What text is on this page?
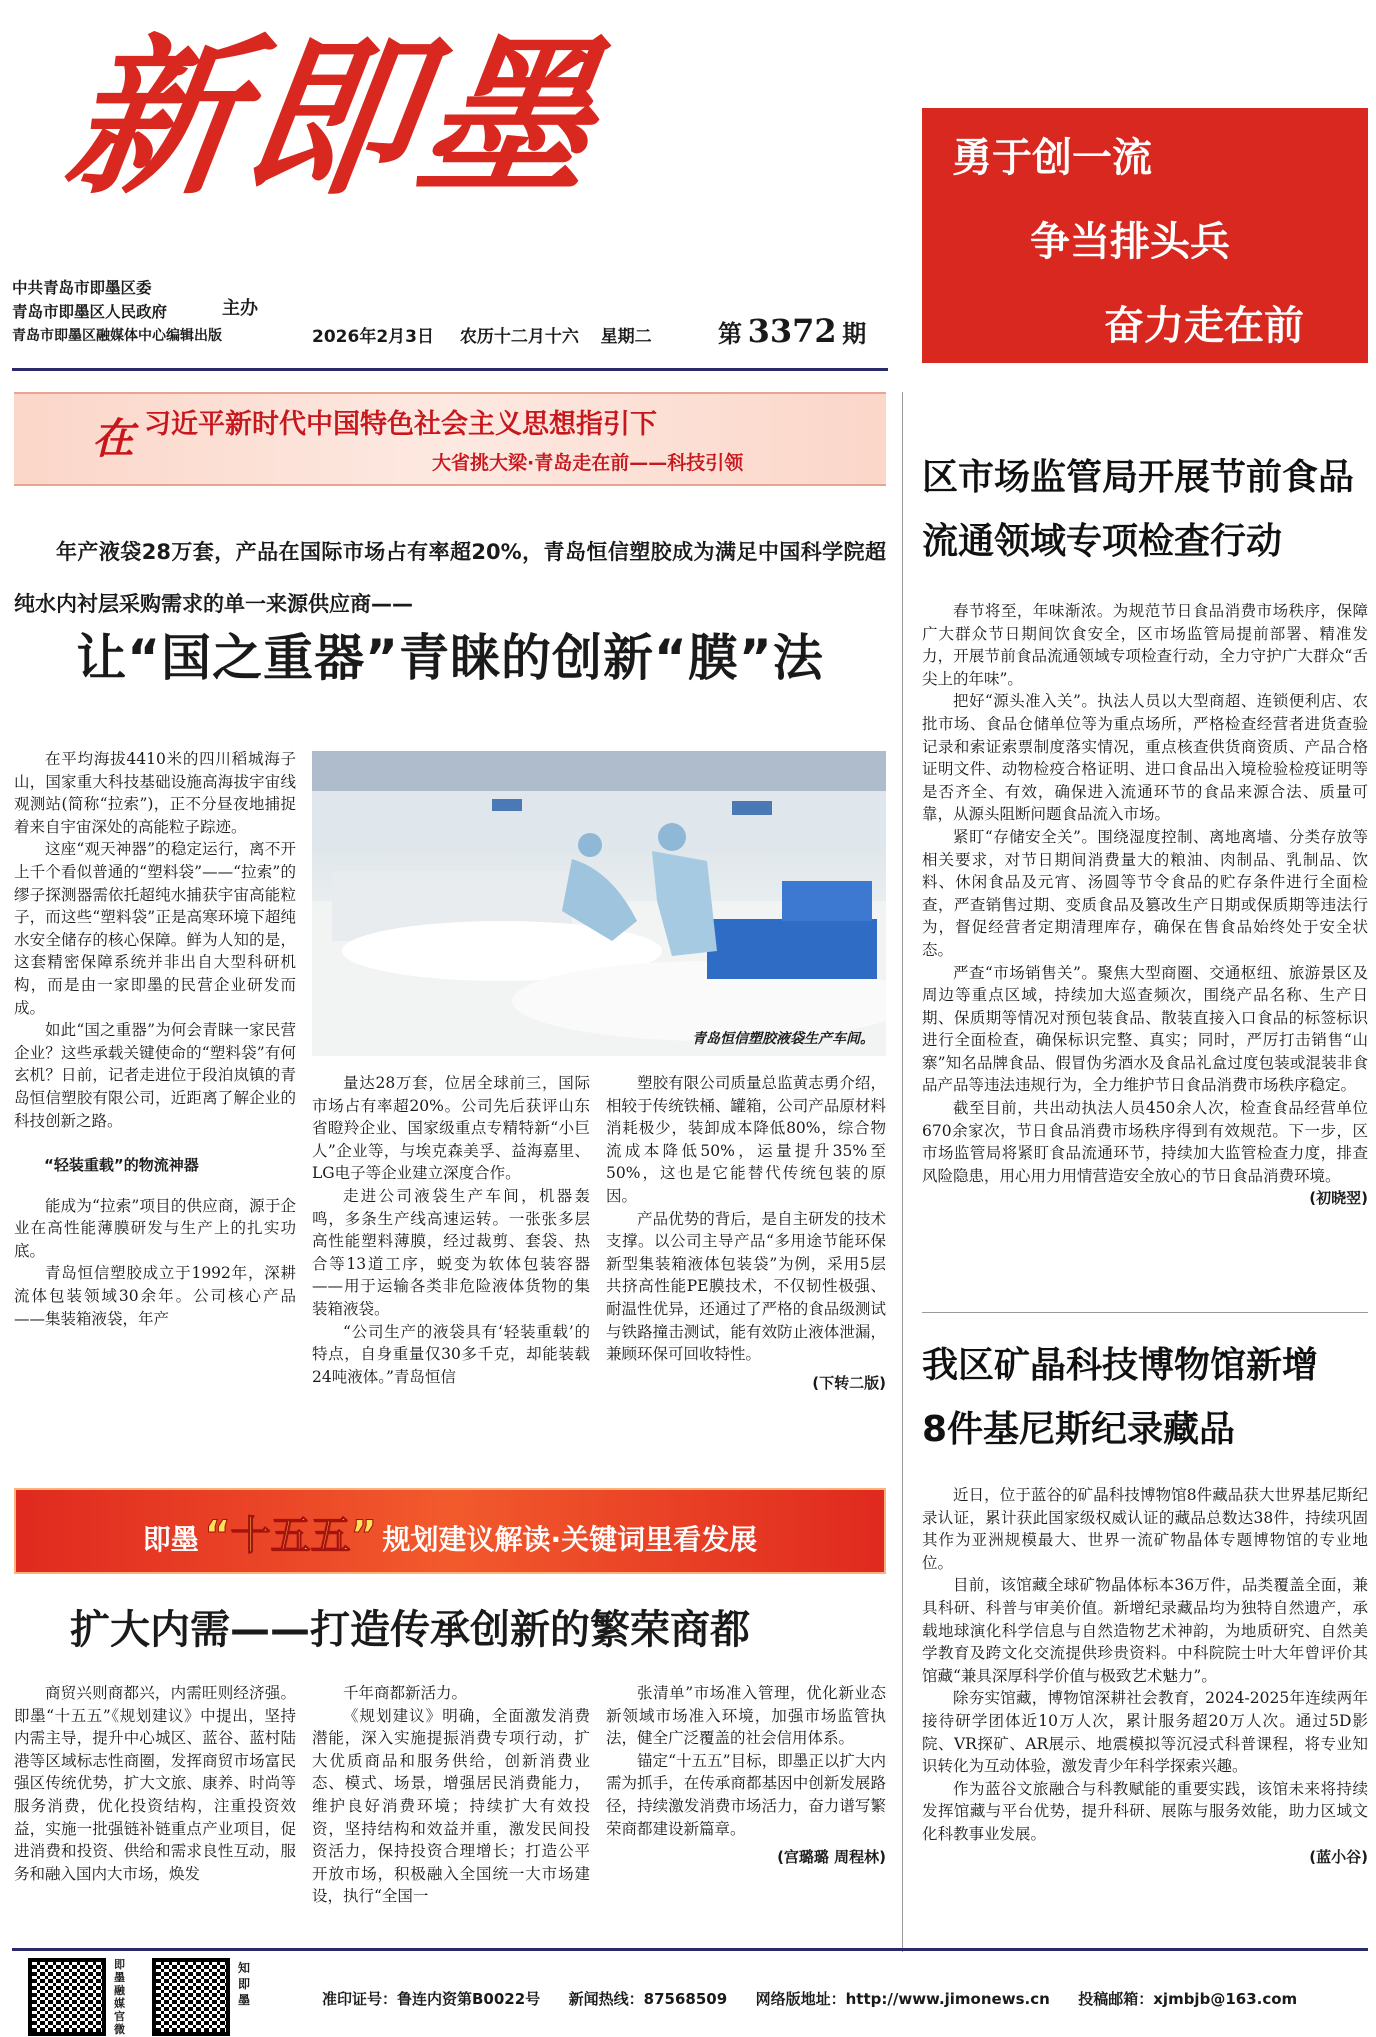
新即墨
中共青岛市即墨区委
青岛市即墨区人民政府
青岛市即墨区融媒体中心编辑出版
主办
2026年2月3日 农历十二月十六 星期二	第 3372 期
勇于创一流
争当排头兵
奋力走在前
在 习近平新时代中国特色社会主义思想指引下
大省挑大梁·青岛走在前——科技引领
年产液袋28万套，产品在国际市场占有率超20%，青岛恒信塑胶成为满足中国科学院超纯水内衬层采购需求的单一来源供应商——
让“国之重器”青睐的创新“膜”法
青岛恒信塑胶液袋生产车间。

在平均海拔4410米的四川稻城海子山，国家重大科技基础设施高海拔宇宙线观测站(简称“拉索”)，正不分昼夜地捕捉着来自宇宙深处的高能粒子踪迹。

这座“观天神器”的稳定运行，离不开上千个看似普通的“塑料袋”——“拉索”的缪子探测器需依托超纯水捕获宇宙高能粒子，而这些“塑料袋”正是高寒环境下超纯水安全储存的核心保障。鲜为人知的是，这套精密保障系统并非出自大型科研机构，而是由一家即墨的民营企业研发而成。

如此“国之重器”为何会青睐一家民营企业？这些承载关键使命的“塑料袋”有何玄机？日前，记者走进位于段泊岚镇的青岛恒信塑胶有限公司，近距离了解企业的科技创新之路。

“轻装重载”的物流神器

能成为“拉索”项目的供应商，源于企业在高性能薄膜研发与生产上的扎实功底。

青岛恒信塑胶成立于1992年，深耕流体包装领域30余年。公司核心产品——集装箱液袋，年产

量达28万套，位居全球前三，国际市场占有率超20%。公司先后获评山东省瞪羚企业、国家级重点专精特新“小巨人”企业等，与埃克森美孚、益海嘉里、LG电子等企业建立深度合作。

走进公司液袋生产车间，机器轰鸣，多条生产线高速运转。一张张多层高性能塑料薄膜，经过裁剪、套袋、热合等13道工序，蜕变为软体包装容器——用于运输各类非危险液体货物的集装箱液袋。

“公司生产的液袋具有‘轻装重载’的特点，自身重量仅30多千克，却能装载24吨液体。”青岛恒信

塑胶有限公司质量总监黄志勇介绍，相较于传统铁桶、罐箱，公司产品原材料消耗极少，装卸成本降低80%，综合物流成本降低50%，运量提升35%至50%，这也是它能替代传统包装的原因。

产品优势的背后，是自主研发的技术支撑。以公司主导产品“多用途节能环保新型集装箱液体包装袋”为例，采用5层共挤高性能PE膜技术，不仅韧性极强、耐温性优异，还通过了严格的食品级测试与铁路撞击测试，能有效防止液体泄漏，兼顾环保可回收特性。

(下转二版)
即墨 “十五五” 规划建议解读·关键词里看发展
扩大内需——打造传承创新的繁荣商都

商贸兴则商都兴，内需旺则经济强。即墨“十五五”《规划建议》中提出，坚持内需主导，提升中心城区、蓝谷、蓝村陆港等区域标志性商圈，发挥商贸市场富民强区传统优势，扩大文旅、康养、时尚等服务消费，优化投资结构，注重投资效益，实施一批强链补链重点产业项目，促进消费和投资、供给和需求良性互动，服务和融入国内大市场，焕发

千年商都新活力。

《规划建议》明确，全面激发消费潜能，深入实施提振消费专项行动，扩大优质商品和服务供给，创新消费业态、模式、场景，增强居民消费能力，维护良好消费环境；持续扩大有效投资，坚持结构和效益并重，激发民间投资活力，保持投资合理增长；打造公平开放市场，积极融入全国统一大市场建设，执行“全国一

张清单”市场准入管理，优化新业态新领域市场准入环境，加强市场监管执法，健全广泛覆盖的社会信用体系。

锚定“十五五”目标，即墨正以扩大内需为抓手，在传承商都基因中创新发展路径，持续激发消费市场活力，奋力谱写繁荣商都建设新篇章。

(宫璐璐 周程林)
区市场监管局开展节前食品
流通领域专项检查行动

春节将至，年味渐浓。为规范节日食品消费市场秩序，保障广大群众节日期间饮食安全，区市场监管局提前部署、精准发力，开展节前食品流通领域专项检查行动，全力守护广大群众“舌尖上的年味”。

把好“源头准入关”。执法人员以大型商超、连锁便利店、农批市场、食品仓储单位等为重点场所，严格检查经营者进货查验记录和索证索票制度落实情况，重点核查供货商资质、产品合格证明文件、动物检疫合格证明、进口食品出入境检验检疫证明等是否齐全、有效，确保进入流通环节的食品来源合法、质量可靠，从源头阻断问题食品流入市场。

紧盯“存储安全关”。围绕湿度控制、离地离墙、分类存放等相关要求，对节日期间消费量大的粮油、肉制品、乳制品、饮料、休闲食品及元宵、汤圆等节令食品的贮存条件进行全面检查，严查销售过期、变质食品及篡改生产日期或保质期等违法行为，督促经营者定期清理库存，确保在售食品始终处于安全状态。

严查“市场销售关”。聚焦大型商圈、交通枢纽、旅游景区及周边等重点区域，持续加大巡查频次，围绕产品名称、生产日期、保质期等情况对预包装食品、散装直接入口食品的标签标识进行全面检查，确保标识完整、真实；同时，严厉打击销售“山寨”知名品牌食品、假冒伪劣酒水及食品礼盒过度包装或混装非食品产品等违法违规行为，全力维护节日食品消费市场秩序稳定。

截至目前，共出动执法人员450余人次，检查食品经营单位670余家次，节日食品消费市场秩序得到有效规范。下一步，区市场监管局将紧盯食品流通环节，持续加大监管检查力度，排查风险隐患，用心用力用情营造安全放心的节日食品消费环境。

(初晓翌)
我区矿晶科技博物馆新增
8件基尼斯纪录藏品

近日，位于蓝谷的矿晶科技博物馆8件藏品获大世界基尼斯纪录认证，累计获此国家级权威认证的藏品总数达38件，持续巩固其作为亚洲规模最大、世界一流矿物晶体专题博物馆的专业地位。

目前，该馆藏全球矿物晶体标本36万件，品类覆盖全面，兼具科研、科普与审美价值。新增纪录藏品均为独特自然遗产，承载地球演化科学信息与自然造物艺术神韵，为地质研究、自然美学教育及跨文化交流提供珍贵资料。中科院院士叶大年曾评价其馆藏“兼具深厚科学价值与极致艺术魅力”。

除夯实馆藏，博物馆深耕社会教育，2024-2025年连续两年接待研学团体近10万人次，累计服务超20万人次。通过5D影院、VR探矿、AR展示、地震模拟等沉浸式科普课程，将专业知识转化为互动体验，激发青少年科学探索兴趣。

作为蓝谷文旅融合与科教赋能的重要实践，该馆未来将持续发挥馆藏与平台优势，提升科研、展陈与服务效能，助力区域文化科教事业发展。

(蓝小谷)
即墨融媒官微
知即墨	准印证号：鲁连内资第B0022号 新闻热线：87568509 网络版地址：http://www.jimonews.cn 投稿邮箱：xjmbjb@163.com
